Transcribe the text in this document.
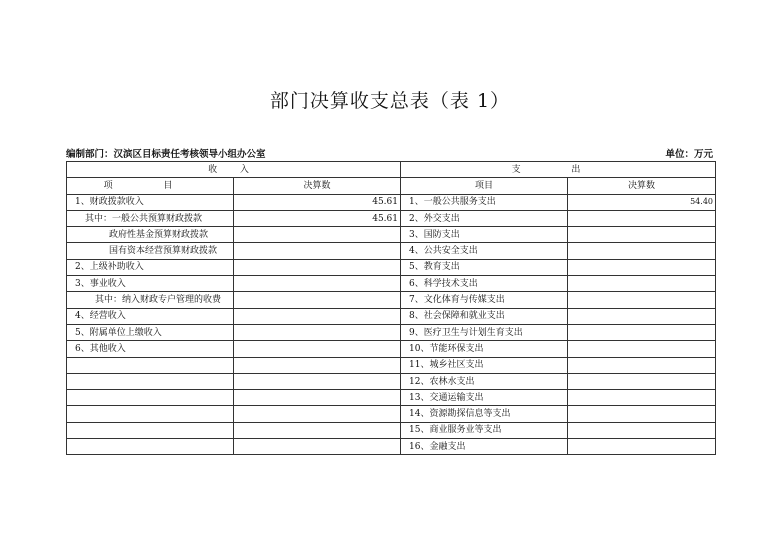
部门决算收支总表（表 1）
编制部门：汉滨区目标责任考核领导小组办公室	单位：万元
收 入		支 出	
项 目	决算数	项目	决算数
1、财政拨款收入	45.61	1、一般公共服务支出	54.40
其中：一般公共预算财政拨款	45.61	2、外交支出	
政府性基金预算财政拨款		3、国防支出	
国有资本经营预算财政拨款		4、公共安全支出	
2、上级补助收入		5、教育支出	
3、事业收入		6、科学技术支出	
其中：纳入财政专户管理的收费		7、文化体育与传媒支出	
4、经营收入		8、社会保障和就业支出	
5、附属单位上缴收入		9、医疗卫生与计划生育支出	
6、其他收入		10、节能环保支出	
		11、城乡社区支出	
		12、农林水支出	
		13、交通运输支出	
		14、资源勘探信息等支出	
		15、商业服务业等支出	
		16、金融支出	
